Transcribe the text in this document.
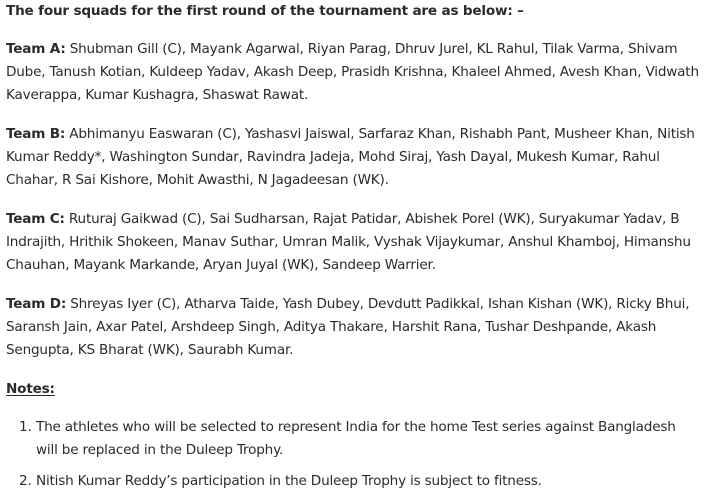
The four squads for the first round of the tournament are as below: –

Team A: Shubman Gill (C), Mayank Agarwal, Riyan Parag, Dhruv Jurel, KL Rahul, Tilak Varma, Shivam Dube, Tanush Kotian, Kuldeep Yadav, Akash Deep, Prasidh Krishna, Khaleel Ahmed, Avesh Khan, Vidwath Kaverappa, Kumar Kushagra, Shaswat Rawat.

Team B: Abhimanyu Easwaran (C), Yashasvi Jaiswal, Sarfaraz Khan, Rishabh Pant, Musheer Khan, Nitish Kumar Reddy*, Washington Sundar, Ravindra Jadeja, Mohd Siraj, Yash Dayal, Mukesh Kumar, Rahul Chahar, R Sai Kishore, Mohit Awasthi, N Jagadeesan (WK).

Team C: Ruturaj Gaikwad (C), Sai Sudharsan, Rajat Patidar, Abishek Porel (WK), Suryakumar Yadav, B Indrajith, Hrithik Shokeen, Manav Suthar, Umran Malik, Vyshak Vijaykumar, Anshul Khamboj, Himanshu Chauhan, Mayank Markande, Aryan Juyal (WK), Sandeep Warrier.

Team D: Shreyas Iyer (C), Atharva Taide, Yash Dubey, Devdutt Padikkal, Ishan Kishan (WK), Ricky Bhui, Saransh Jain, Axar Patel, Arshdeep Singh, Aditya Thakare, Harshit Rana, Tushar Deshpande, Akash Sengupta, KS Bharat (WK), Saurabh Kumar.

Notes:

1. The athletes who will be selected to represent India for the home Test series against Bangladesh will be replaced in the Duleep Trophy.
2. Nitish Kumar Reddy’s participation in the Duleep Trophy is subject to fitness.
